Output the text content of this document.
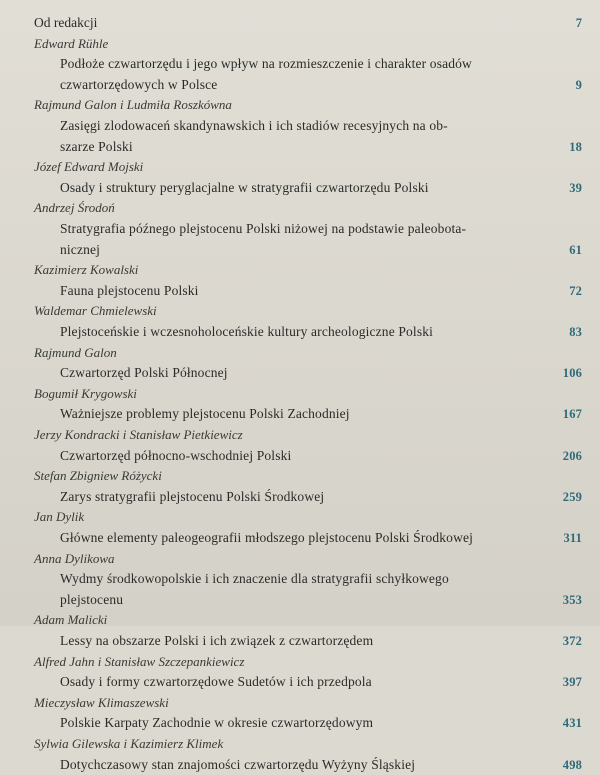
Od redakcji	7
Edward Rühle
Podłoże czwartorzędu i jego wpływ na rozmieszczenie i charakter osadów
czwartorzędowych w Polsce	9
Rajmund Galon i Ludmiła Roszkówna
Zasięgi zlodowaceń skandynawskich i ich stadiów recesyjnych na ob-
szarze Polski	18
Józef Edward Mojski
Osady i struktury peryglacjalne w stratygrafii czwartorzędu Polski	39
Andrzej Środoń
Stratygrafia późnego plejstocenu Polski niżowej na podstawie paleobota-
nicznej	61
Kazimierz Kowalski
Fauna plejstocenu Polski	72
Waldemar Chmielewski
Plejstoceńskie i wczesnoholoceńskie kultury archeologiczne Polski	83
Rajmund Galon
Czwartorzęd Polski Północnej	106
Bogumił Krygowski
Ważniejsze problemy plejstocenu Polski Zachodniej	167
Jerzy Kondracki i Stanisław Pietkiewicz
Czwartorzęd północno-wschodniej Polski	206
Stefan Zbigniew Różycki
Zarys stratygrafii plejstocenu Polski Środkowej	259
Jan Dylik
Główne elementy paleogeografii młodszego plejstocenu Polski Środkowej	311
Anna Dylikowa
Wydmy środkowopolskie i ich znaczenie dla stratygrafii schyłkowego
plejstocenu	353
Adam Malicki
Lessy na obszarze Polski i ich związek z czwartorzędem	372
Alfred Jahn i Stanisław Szczepankiewicz
Osady i formy czwartorzędowe Sudetów i ich przedpola	397
Mieczysław Klimaszewski
Polskie Karpaty Zachodnie w okresie czwartorzędowym	431
Sylwia Gilewska i Kazimierz Klimek
Dotychczasowy stan znajomości czwartorzędu Wyżyny Śląskiej	498
